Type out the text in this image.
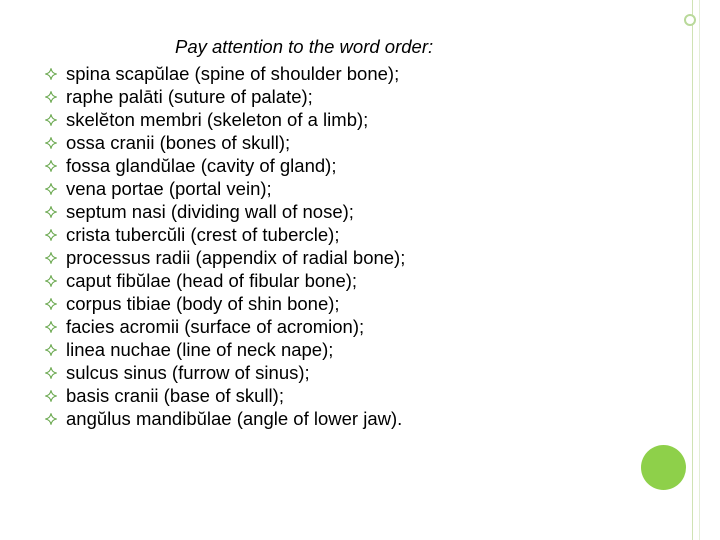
Pay attention to the word order:
spina scapŭlae (spine of shoulder bone);
raphe palāti (suture of palate);
skelĕton membri (skeleton of a limb);
ossa cranii (bones of skull);
fossa glandŭlae (cavity of gland);
vena portae (portal vein);
septum nasi (dividing wall of nose);
crista tubercŭli (crest of tubercle);
processus radii (appendix of radial bone);
caput fibŭlae (head of fibular bone);
corpus tibiae (body of shin bone);
facies acromii (surface of acromion);
linea nuchae (line of neck nape);
sulcus sinus (furrow of sinus);
basis cranii (base of skull);
angŭlus mandibŭlae (angle of lower jaw).
